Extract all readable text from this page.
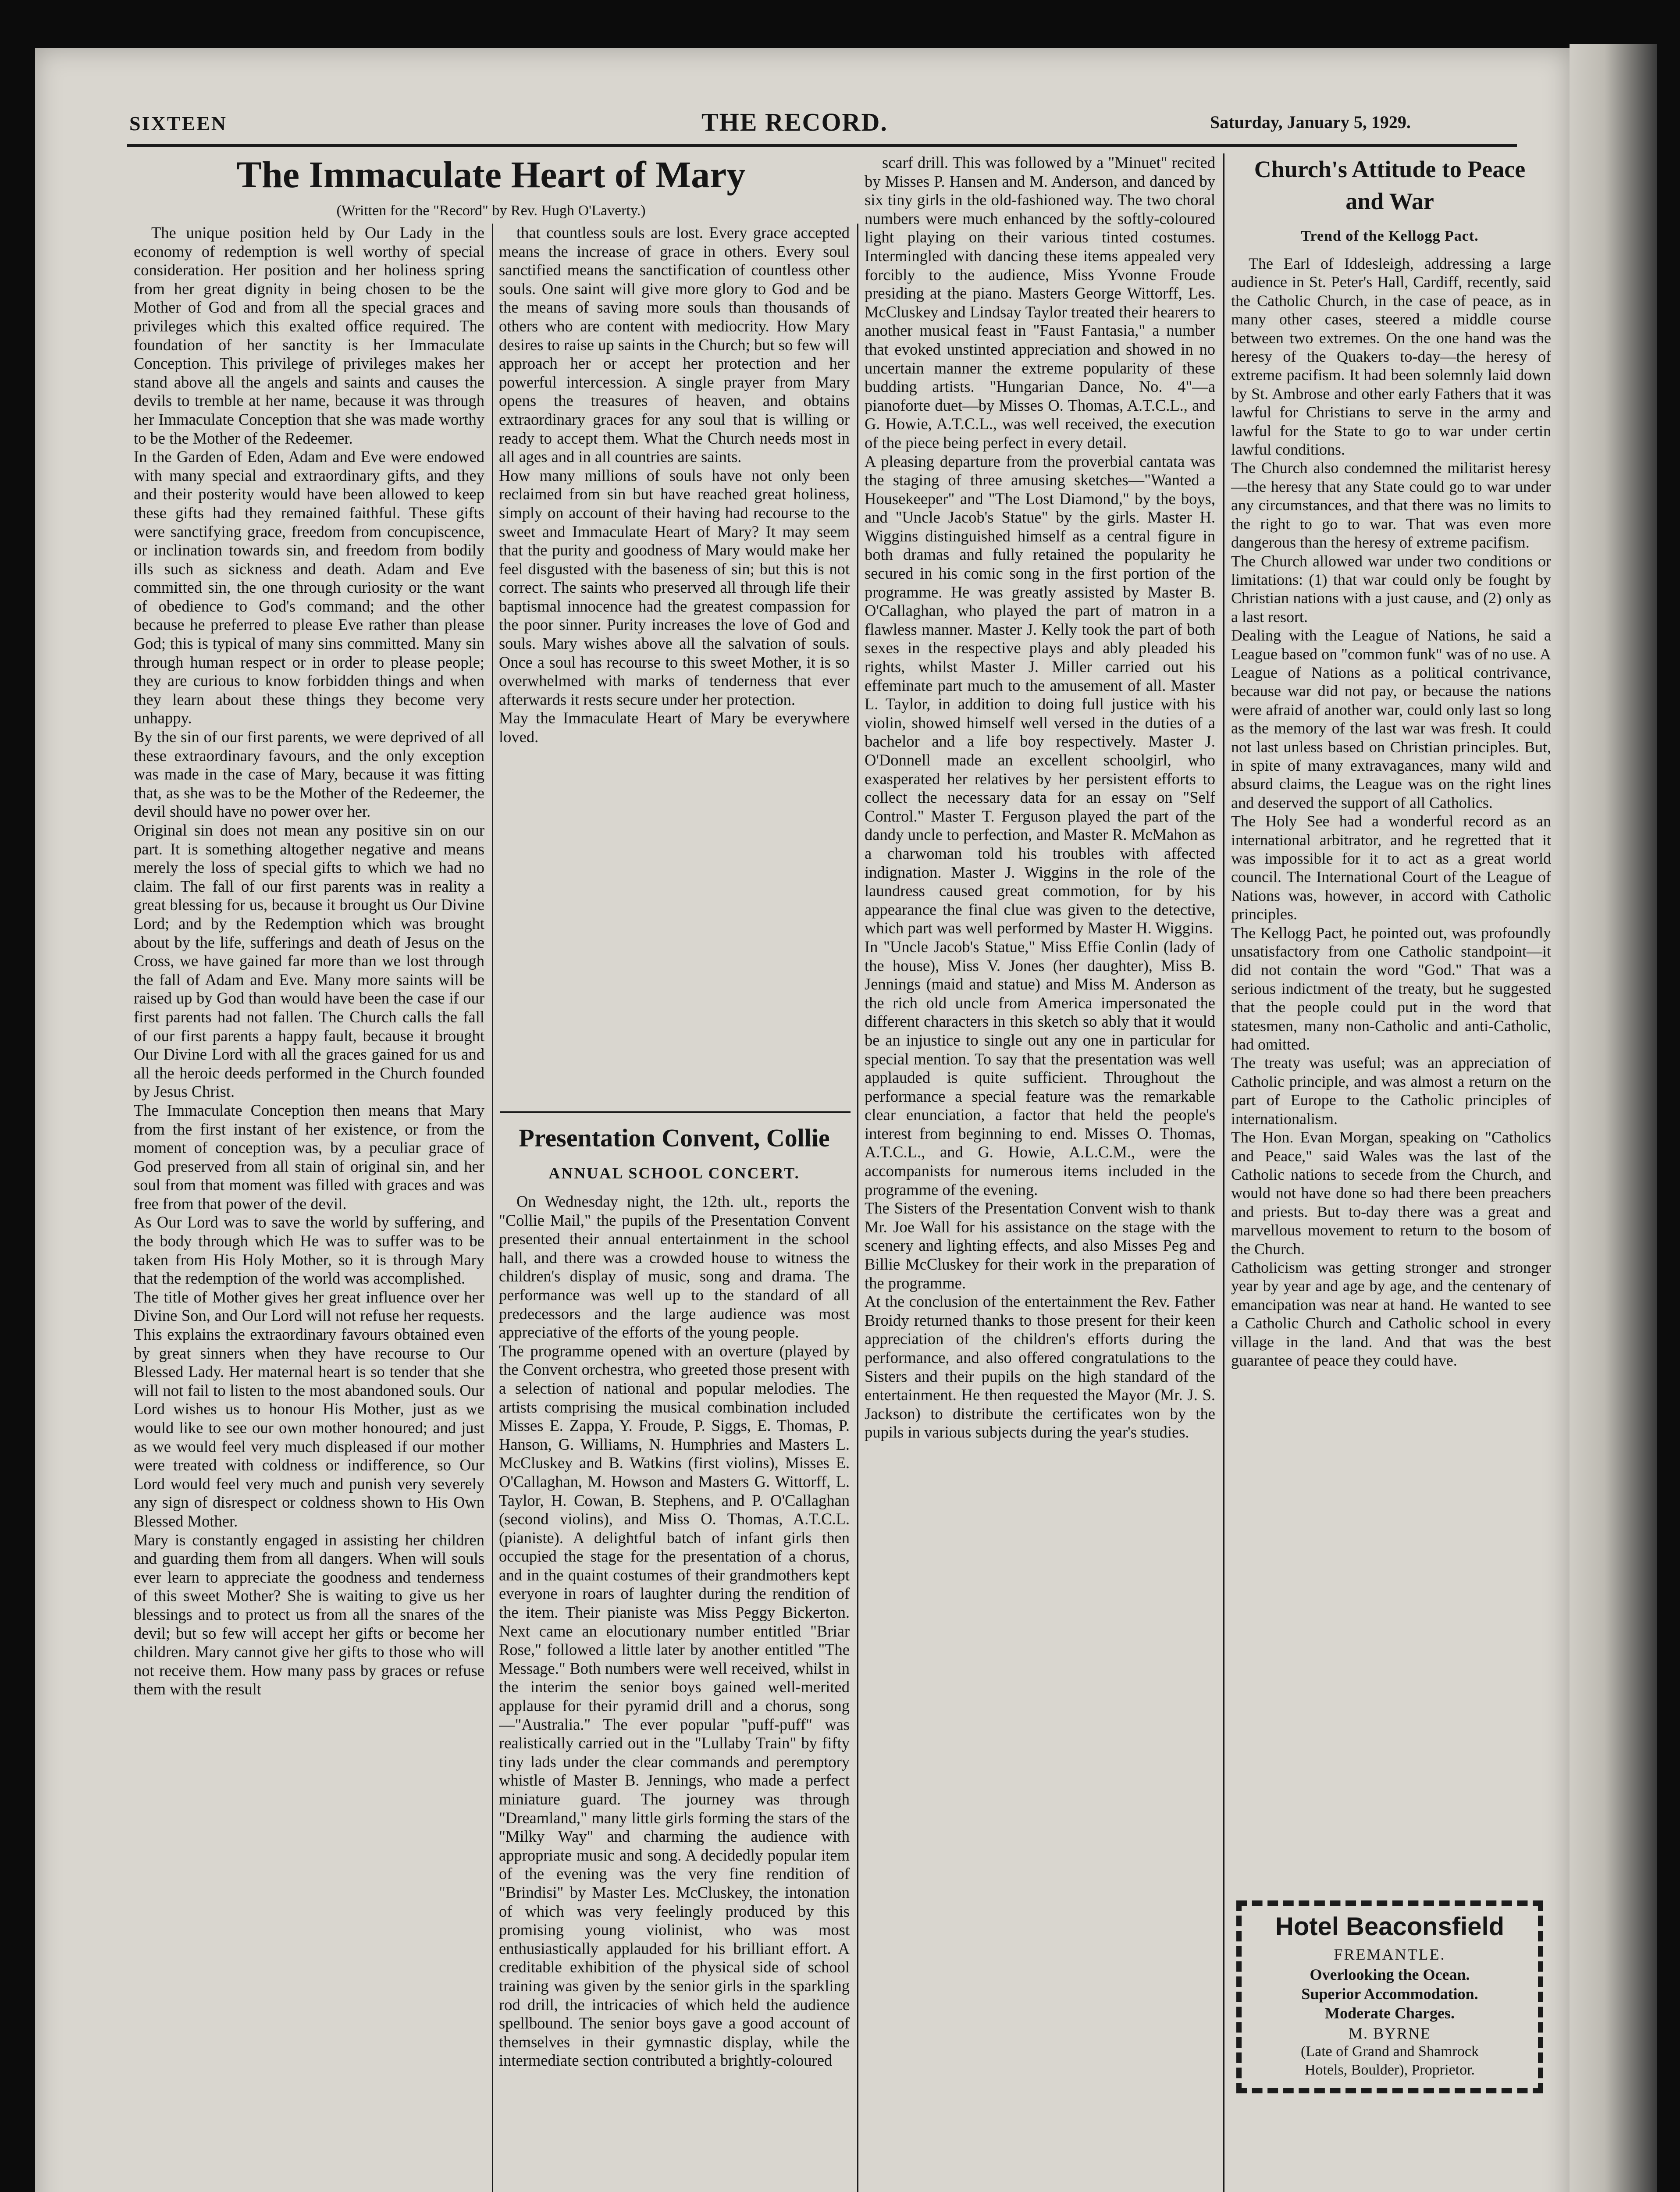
SIXTEEN	THE RECORD.	Saturday, January 5, 1929.
The Immaculate Heart of Mary
(Written for the "Record" by Rev. Hugh O'Laverty.)
The unique position held by Our Lady in the economy of redemption is well worthy of special consideration. Her position and her holiness spring from her great dignity in being chosen to be the Mother of God and from all the special graces and privileges which this exalted office required. The foundation of her sanctity is her Immaculate Conception. This privilege of privileges makes her stand above all the angels and saints and causes the devils to tremble at her name, because it was through her Immaculate Conception that she was made worthy to be the Mother of the Redeemer.
In the Garden of Eden, Adam and Eve were endowed with many special and extraordinary gifts, and they and their posterity would have been allowed to keep these gifts had they remained faithful. These gifts were sanctifying grace, freedom from concupiscence, or inclination towards sin, and freedom from bodily ills such as sickness and death. Adam and Eve committed sin, the one through curiosity or the want of obedience to God's command; and the other because he preferred to please Eve rather than please God; this is typical of many sins committed. Many sin through human respect or in order to please people; they are curious to know forbidden things and when they learn about these things they become very unhappy.
By the sin of our first parents, we were deprived of all these extraordinary favours, and the only exception was made in the case of Mary, because it was fitting that, as she was to be the Mother of the Redeemer, the devil should have no power over her.
Original sin does not mean any positive sin on our part. It is something altogether negative and means merely the loss of special gifts to which we had no claim. The fall of our first parents was in reality a great blessing for us, because it brought us Our Divine Lord; and by the Redemption which was brought about by the life, sufferings and death of Jesus on the Cross, we have gained far more than we lost through the fall of Adam and Eve. Many more saints will be raised up by God than would have been the case if our first parents had not fallen. The Church calls the fall of our first parents a happy fault, because it brought Our Divine Lord with all the graces gained for us and all the heroic deeds performed in the Church founded by Jesus Christ.
The Immaculate Conception then means that Mary from the first instant of her existence, or from the moment of conception was, by a peculiar grace of God preserved from all stain of original sin, and her soul from that moment was filled with graces and was free from that power of the devil.
As Our Lord was to save the world by suffering, and the body through which He was to suffer was to be taken from His Holy Mother, so it is through Mary that the redemption of the world was accomplished.
The title of Mother gives her great influence over her Divine Son, and Our Lord will not refuse her requests. This explains the extraordinary favours obtained even by great sinners when they have recourse to Our Blessed Lady. Her maternal heart is so tender that she will not fail to listen to the most abandoned souls. Our Lord wishes us to honour His Mother, just as we would like to see our own mother honoured; and just as we would feel very much displeased if our mother were treated with coldness or indifference, so Our Lord would feel very much and punish very severely any sign of disrespect or coldness shown to His Own Blessed Mother.
Mary is constantly engaged in assisting her children and guarding them from all dangers. When will souls ever learn to appreciate the goodness and tenderness of this sweet Mother? She is waiting to give us her blessings and to protect us from all the snares of the devil; but so few will accept her gifts or become her children. Mary cannot give her gifts to those who will not receive them. How many pass by graces or refuse them with the result
that countless souls are lost. Every grace accepted means the increase of grace in others. Every soul sanctified means the sanctification of countless other souls. One saint will give more glory to God and be the means of saving more souls than thousands of others who are content with mediocrity. How Mary desires to raise up saints in the Church; but so few will approach her or accept her protection and her powerful intercession. A single prayer from Mary opens the treasures of heaven, and obtains extraordinary graces for any soul that is willing or ready to accept them. What the Church needs most in all ages and in all countries are saints.
How many millions of souls have not only been reclaimed from sin but have reached great holiness, simply on account of their having had recourse to the sweet and Immaculate Heart of Mary? It may seem that the purity and goodness of Mary would make her feel disgusted with the baseness of sin; but this is not correct. The saints who preserved all through life their baptismal innocence had the greatest compassion for the poor sinner. Purity increases the love of God and souls. Mary wishes above all the salvation of souls. Once a soul has recourse to this sweet Mother, it is so overwhelmed with marks of tenderness that ever afterwards it rests secure under her protection.
May the Immaculate Heart of Mary be everywhere loved.
Presentation Convent, Collie
ANNUAL SCHOOL CONCERT.
On Wednesday night, the 12th. ult., reports the "Collie Mail," the pupils of the Presentation Convent presented their annual entertainment in the school hall, and there was a crowded house to witness the children's display of music, song and drama. The performance was well up to the standard of all predecessors and the large audience was most appreciative of the efforts of the young people.
The programme opened with an overture (played by the Convent orchestra, who greeted those present with a selection of national and popular melodies. The artists comprising the musical combination included Misses E. Zappa, Y. Froude, P. Siggs, E. Thomas, P. Hanson, G. Williams, N. Humphries and Masters L. McCluskey and B. Watkins (first violins), Misses E. O'Callaghan, M. Howson and Masters G. Wittorff, L. Taylor, H. Cowan, B. Stephens, and P. O'Callaghan (second violins), and Miss O. Thomas, A.T.C.L. (pianiste). A delightful batch of infant girls then occupied the stage for the presentation of a chorus, and in the quaint costumes of their grandmothers kept everyone in roars of laughter during the rendition of the item. Their pianiste was Miss Peggy Bickerton. Next came an elocutionary number entitled "Briar Rose," followed a little later by another entitled "The Message." Both numbers were well received, whilst in the interim the senior boys gained well-merited applause for their pyramid drill and a chorus, song—"Australia." The ever popular "puff-puff" was realistically carried out in the "Lullaby Train" by fifty tiny lads under the clear commands and peremptory whistle of Master B. Jennings, who made a perfect miniature guard. The journey was through "Dreamland," many little girls forming the stars of the "Milky Way" and charming the audience with appropriate music and song. A decidedly popular item of the evening was the very fine rendition of "Brindisi" by Master Les. McCluskey, the intonation of which was very feelingly produced by this promising young violinist, who was most enthusiastically applauded for his brilliant effort. A creditable exhibition of the physical side of school training was given by the senior girls in the sparkling rod drill, the intricacies of which held the audience spellbound. The senior boys gave a good account of themselves in their gymnastic display, while the intermediate section contributed a brightly-coloured
scarf drill. This was followed by a "Minuet" recited by Misses P. Hansen and M. Anderson, and danced by six tiny girls in the old-fashioned way. The two choral numbers were much enhanced by the softly-coloured light playing on their various tinted costumes. Intermingled with dancing these items appealed very forcibly to the audience, Miss Yvonne Froude presiding at the piano. Masters George Wittorff, Les. McCluskey and Lindsay Taylor treated their hearers to another musical feast in "Faust Fantasia," a number that evoked unstinted appreciation and showed in no uncertain manner the extreme popularity of these budding artists. "Hungarian Dance, No. 4"—a pianoforte duet—by Misses O. Thomas, A.T.C.L., and G. Howie, A.T.C.L., was well received, the execution of the piece being perfect in every detail.
A pleasing departure from the proverbial cantata was the staging of three amusing sketches—"Wanted a Housekeeper" and "The Lost Diamond," by the boys, and "Uncle Jacob's Statue" by the girls. Master H. Wiggins distinguished himself as a central figure in both dramas and fully retained the popularity he secured in his comic song in the first portion of the programme. He was greatly assisted by Master B. O'Callaghan, who played the part of matron in a flawless manner. Master J. Kelly took the part of both sexes in the respective plays and ably pleaded his rights, whilst Master J. Miller carried out his effeminate part much to the amusement of all. Master L. Taylor, in addition to doing full justice with his violin, showed himself well versed in the duties of a bachelor and a life boy respectively. Master J. O'Donnell made an excellent schoolgirl, who exasperated her relatives by her persistent efforts to collect the necessary data for an essay on "Self Control." Master T. Ferguson played the part of the dandy uncle to perfection, and Master R. McMahon as a charwoman told his troubles with affected indignation. Master J. Wiggins in the role of the laundress caused great commotion, for by his appearance the final clue was given to the detective, which part was well performed by Master H. Wiggins.
In "Uncle Jacob's Statue," Miss Effie Conlin (lady of the house), Miss V. Jones (her daughter), Miss B. Jennings (maid and statue) and Miss M. Anderson as the rich old uncle from America impersonated the different characters in this sketch so ably that it would be an injustice to single out any one in particular for special mention. To say that the presentation was well applauded is quite sufficient. Throughout the performance a special feature was the remarkable clear enunciation, a factor that held the people's interest from beginning to end. Misses O. Thomas, A.T.C.L., and G. Howie, A.L.C.M., were the accompanists for numerous items included in the programme of the evening.
The Sisters of the Presentation Convent wish to thank Mr. Joe Wall for his assistance on the stage with the scenery and lighting effects, and also Misses Peg and Billie McCluskey for their work in the preparation of the programme.
At the conclusion of the entertainment the Rev. Father Broidy returned thanks to those present for their keen appreciation of the children's efforts during the performance, and also offered congratulations to the Sisters and their pupils on the high standard of the entertainment. He then requested the Mayor (Mr. J. S. Jackson) to distribute the certificates won by the pupils in various subjects during the year's studies.
Church's Attitude to Peace
and War
Trend of the Kellogg Pact.
The Earl of Iddesleigh, addressing a large audience in St. Peter's Hall, Cardiff, recently, said the Catholic Church, in the case of peace, as in many other cases, steered a middle course between two extremes. On the one hand was the heresy of the Quakers to-day—the heresy of extreme pacifism. It had been solemnly laid down by St. Ambrose and other early Fathers that it was lawful for Christians to serve in the army and lawful for the State to go to war under certin lawful conditions.
The Church also condemned the militarist heresy—the heresy that any State could go to war under any circumstances, and that there was no limits to the right to go to war. That was even more dangerous than the heresy of extreme pacifism.
The Church allowed war under two conditions or limitations: (1) that war could only be fought by Christian nations with a just cause, and (2) only as a last resort.
Dealing with the League of Nations, he said a League based on "common funk" was of no use. A League of Nations as a political contrivance, because war did not pay, or because the nations were afraid of another war, could only last so long as the memory of the last war was fresh. It could not last unless based on Christian principles. But, in spite of many extravagances, many wild and absurd claims, the League was on the right lines and deserved the support of all Catholics.
The Holy See had a wonderful record as an international arbitrator, and he regretted that it was impossible for it to act as a great world council. The International Court of the League of Nations was, however, in accord with Catholic principles.
The Kellogg Pact, he pointed out, was profoundly unsatisfactory from one Catholic standpoint—it did not contain the word "God." That was a serious indictment of the treaty, but he suggested that the people could put in the word that statesmen, many non-Catholic and anti-Catholic, had omitted.
The treaty was useful; was an appreciation of Catholic principle, and was almost a return on the part of Europe to the Catholic principles of internationalism.
The Hon. Evan Morgan, speaking on "Catholics and Peace," said Wales was the last of the Catholic nations to secede from the Church, and would not have done so had there been preachers and priests. But to-day there was a great and marvellous movement to return to the bosom of the Church.
Catholicism was getting stronger and stronger year by year and age by age, and the centenary of emancipation was near at hand. He wanted to see a Catholic Church and Catholic school in every village in the land. And that was the best guarantee of peace they could have.
Hotel Beaconsfield
FREMANTLE.
Overlooking the Ocean.
Superior Accommodation.
Moderate Charges.
M. BYRNE
(Late of Grand and Shamrock
Hotels, Boulder), Proprietor.
